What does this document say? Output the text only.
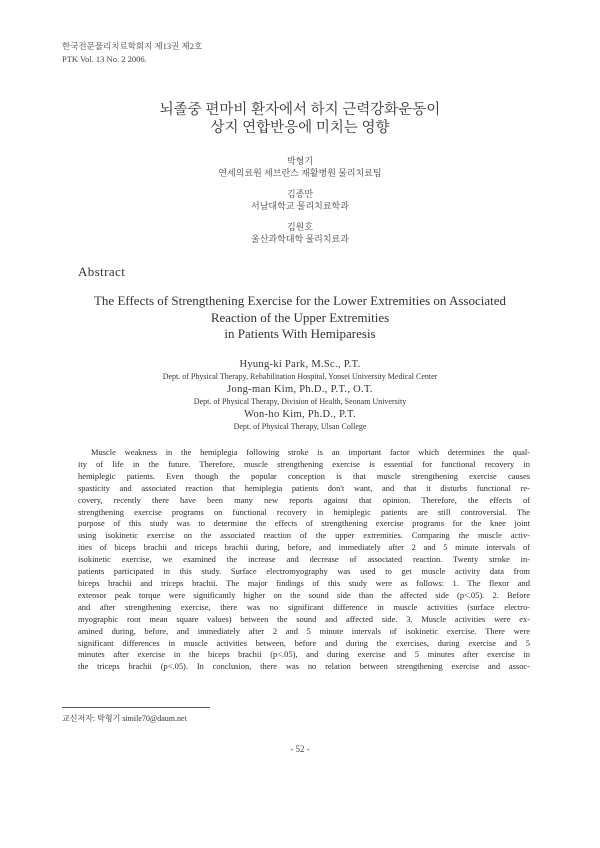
한국전문물리치료학회지 제13권 제2호
PTK Vol. 13 No. 2 2006.
뇌졸중 편마비 환자에서 하지 근력강화운동이
상지 연합반응에 미치는 영향
박형기
연세의료원 세브란스 재활병원 물리치료팀
김종만
서남대학교 물리치료학과
김원호
울산과학대학 물리치료과
Abstract
The Effects of Strengthening Exercise for the Lower Extremities on Associated
Reaction of the Upper Extremities
in Patients With Hemiparesis
Hyung-ki Park, M.Sc., P.T.
Dept. of Physical Therapy, Rehabilitation Hospital, Yonsei University Medical Center
Jong-man Kim, Ph.D., P.T., O.T.
Dept. of Physical Therapy, Division of Health, Seonam University
Won-ho Kim, Ph.D., P.T.
Dept. of Physical Therapy, Ulsan College
Muscle weakness in the hemiplegia following stroke is an important factor which determines the qual-
ity of life in the future. Therefore, muscle strengthening exercise is essential for functional recovery in
hemiplegic patients. Even though the popular conception is that muscle strengthening exercise causes
spasticity and associated reaction that hemiplegia patients don't want, and that it disturbs functional re-
covery, recently there have been many new reports against that opinion. Therefore, the effects of
strengthening exercise programs on functional recovery in hemiplegic patients are still controversial. The
purpose of this study was to determine the effects of strengthening exercise programs for the knee joint
using isokinetic exercise on the associated reaction of the upper extremities. Comparing the muscle activ-
ities of biceps brachii and triceps brachii during, before, and immediately after 2 and 5 minute intervals of
isokinetic exercise, we examined the increase and decrease of associated reaction. Twenty stroke in-
patients participated in this study. Surface electromyography was used to get muscle activity data from
biceps brachii and triceps brachii. The major findings of this study were as follows: 1. The flexor and
extensor peak torque were significantly higher on the sound side than the affected side (p<.05). 2. Before
and after strengthening exercise, there was no significant difference in muscle activities (surface electro-
myographic root mean square values) between the sound and affected side. 3. Muscle activities were ex-
amined during, before, and immediately after 2 and 5 minute intervals of isokinetic exercise. There were
significant differences in muscle activities between, before and during the exercises, during exercise and 5
minutes after exercise in the biceps brachii (p<.05), and during exercise and 5 minutes after exercise in
the triceps brachii (p<.05). In conclusion, there was no relation between strengthening exercise and assoc-
교신저자: 박형기 simile70@daum.net
- 52 -
